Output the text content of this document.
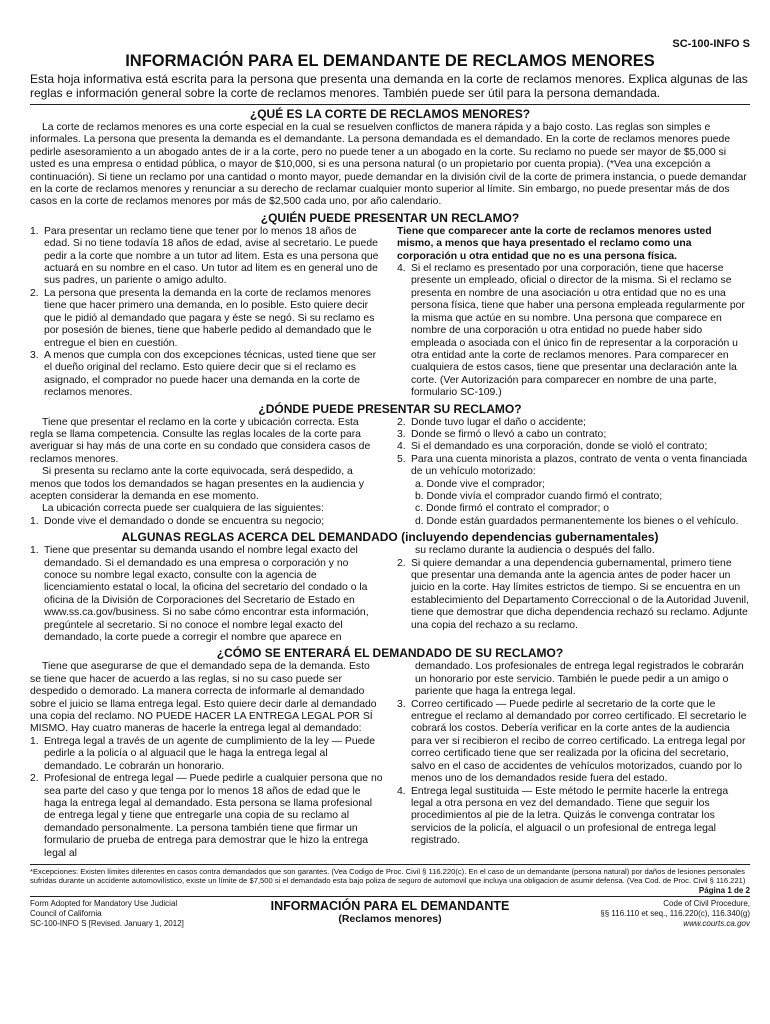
SC-100-INFO S
INFORMACIÓN PARA EL DEMANDANTE DE RECLAMOS MENORES
Esta hoja informativa está escrita para la persona que presenta una demanda en la corte de reclamos menores. Explica algunas de las reglas e información general sobre la corte de reclamos menores. También puede ser útil para la persona demandada.
¿QUÉ ES LA CORTE DE RECLAMOS MENORES?
La corte de reclamos menores es una corte especial en la cual se resuelven conflictos de manera rápida y a bajo costo. Las reglas son simples e informales. La persona que presenta la demanda es el demandante. La persona demandada es el demandado. En la corte de reclamos menores puede pedirle asesoramiento a un abogado antes de ir a la corte, pero no puede tener a un abogado en la corte. Su reclamo no puede ser mayor de $5,000 si usted es una empresa o entidad pública, o mayor de $10,000, si es una persona natural (o un propietario por cuenta propia). (*Vea una excepción a continuación). Si tiene un reclamo por una cantidad o monto mayor, puede demandar en la división civil de la corte de primera instancia, o puede demandar en la corte de reclamos menores y renunciar a su derecho de reclamar cualquier monto superior al límite. Sin embargo, no puede presentar más de dos casos en la corte de reclamos menores por más de $2,500 cada uno, por año calendario.
¿QUIÉN PUEDE PRESENTAR UN RECLAMO?
1. Para presentar un reclamo tiene que tener por lo menos 18 años de edad. Si no tiene todavía 18 años de edad, avise al secretario. Le puede pedir a la corte que nombre a un tutor ad litem. Esta es una persona que actuará en su nombre en el caso. Un tutor ad litem es en general uno de sus padres, un pariente o amigo adulto.
2. La persona que presenta la demanda en la corte de reclamos menores tiene que hacer primero una demanda, en lo posible. Esto quiere decir que le pidió al demandado que pagara y éste se negó. Si su reclamo es por posesión de bienes, tiene que haberle pedido al demandado que le entregue el bien en cuestión.
3. A menos que cumpla con dos excepciones técnicas, usted tiene que ser el dueño original del reclamo. Esto quiere decir que si el reclamo es asignado, el comprador no puede hacer una demanda en la corte de reclamos menores.
Tiene que comparecer ante la corte de reclamos menores usted mismo, a menos que haya presentado el reclamo como una corporación u otra entidad que no es una persona física.
4. Si el reclamo es presentado por una corporación, tiene que hacerse presente un empleado, oficial o director de la misma. Si el reclamo se presenta en nombre de una asociación u otra entidad que no es una persona física, tiene que haber una persona empleada regularmente por la misma que actúe en su nombre. Una persona que comparece en nombre de una corporación u otra entidad no puede haber sido empleada o asociada con el único fin de representar a la corporación u otra entidad ante la corte de reclamos menores. Para comparecer en cualquiera de estos casos, tiene que presentar una declaración ante la corte. (Ver Autorización para comparecer en nombre de una parte, formulario SC-109.)
¿DÓNDE PUEDE PRESENTAR SU RECLAMO?
Tiene que presentar el reclamo en la corte y ubicación correcta. Esta regla se llama competencia. Consulte las reglas locales de la corte para averiguar si hay más de una corte en su condado que considera casos de reclamos menores.
Si presenta su reclamo ante la corte equivocada, será despedido, a menos que todos los demandados se hagan presentes en la audiencia y acepten considerar la demanda en ese momento.
La ubicación correcta puede ser cualquiera de las siguientes:
1. Donde vive el demandado o donde se encuentra su negocio;
2. Donde tuvo lugar el daño o accidente;
3. Donde se firmó o llevó a cabo un contrato;
4. Si el demandado es una corporación, donde se violó el contrato;
5. Para una cuenta minorista a plazos, contrato de venta o venta financiada de un vehículo motorizado:
a. Donde vive el comprador;
b. Donde vivía el comprador cuando firmó el contrato;
c. Donde firmó el contrato el comprador; o
d. Donde están guardados permanentemente los bienes o el vehículo.
ALGUNAS REGLAS ACERCA DEL DEMANDADO (incluyendo dependencias gubernamentales)
1. Tiene que presentar su demanda usando el nombre legal exacto del demandado. Si el demandado es una empresa o corporación y no conoce su nombre legal exacto, consulte con la agencia de licenciamiento estatal o local, la oficina del secretario del condado o la oficina de la División de Corporaciones del Secretario de Estado en www.ss.ca.gov/business. Si no sabe cómo encontrar esta información, pregúntele al secretario. Si no conoce el nombre legal exacto del demandado, la corte puede a corregir el nombre que aparece en
su reclamo durante la audiencia o después del fallo.
2. Si quiere demandar a una dependencia gubernamental, primero tiene que presentar una demanda ante la agencia antes de poder hacer un juicio en la corte. Hay límites estrictos de tiempo. Si se encuentra en un establecimiento del Departamento Correccional o de la Autoridad Juvenil, tiene que demostrar que dicha dependencia rechazó su reclamo. Adjunte una copia del rechazo a su reclamo.
¿CÓMO SE ENTERARÁ EL DEMANDADO DE SU RECLAMO?
Tiene que asegurarse de que el demandado sepa de la demanda. Esto se tiene que hacer de acuerdo a las reglas, si no su caso puede ser despedido o demorado. La manera correcta de informarle al demandado sobre el juicio se llama entrega legal. Esto quiere decir darle al demandado una copia del reclamo. NO PUEDE HACER LA ENTREGA LEGAL POR SÍ MISMO. Hay cuatro maneras de hacerle la entrega legal al demandado:
1. Entrega legal a través de un agente de cumplimiento de la ley — Puede pedirle a la policía o al alguacil que le haga la entrega legal al demandado. Le cobrarán un honorario.
2. Profesional de entrega legal — Puede pedirle a cualquier persona que no sea parte del caso y que tenga por lo menos 18 años de edad que le haga la entrega legal al demandado. Esta persona se llama profesional de entrega legal y tiene que entregarle una copia de su reclamo al demandado personalmente. La persona también tiene que firmar un formulario de prueba de entrega para demostrar que le hizo la entrega legal al
demandado. Los profesionales de entrega legal registrados le cobrarán un honorario por este servicio. También le puede pedir a un amigo o pariente que haga la entrega legal.
3. Correo certificado — Puede pedirle al secretario de la corte que le entregue el reclamo al demandado por correo certificado. El secretario le cobrará los costos. Debería verificar en la corte antes de la audiencia para ver si recibieron el recibo de correo certificado. La entrega legal por correo certificado tiene que ser realizada por la oficina del secretario, salvo en el caso de accidentes de vehículos motorizados, cuando por lo menos uno de los demandados reside fuera del estado.
4. Entrega legal sustituida — Este método le permite hacerle la entrega legal a otra persona en vez del demandado. Tiene que seguir los procedimientos al pie de la letra. Quizás le convenga contratar los servicios de la policía, el alguacil o un profesional de entrega legal registrado.
*Excepciones: Existen límites diferentes en casos contra demandados que son garantes. (Vea Codigo de Proc. Civil § 116.220(c). En el caso de un demandante (persona natural) por daños de lesiones personales sufridas durante un accidente automovilístico, existe un límite de $7,500 si el demandado esta bajo poliza de seguro de automovil que incluya una obligacion de asumir defensa. (Vea Cod. de Proc. Civil § 116.221)
Página 1 de 2
Form Adopted for Mandatory Use Judicial
Council of California
SC-100-INFO S [Revised. January 1, 2012]
INFORMACIÓN PARA EL DEMANDANTE
(Reclamos menores)
Code of Civil Procedure,
§§ 116.110 et seq., 116.220(c), 116.340(g)
www.courts.ca.gov
